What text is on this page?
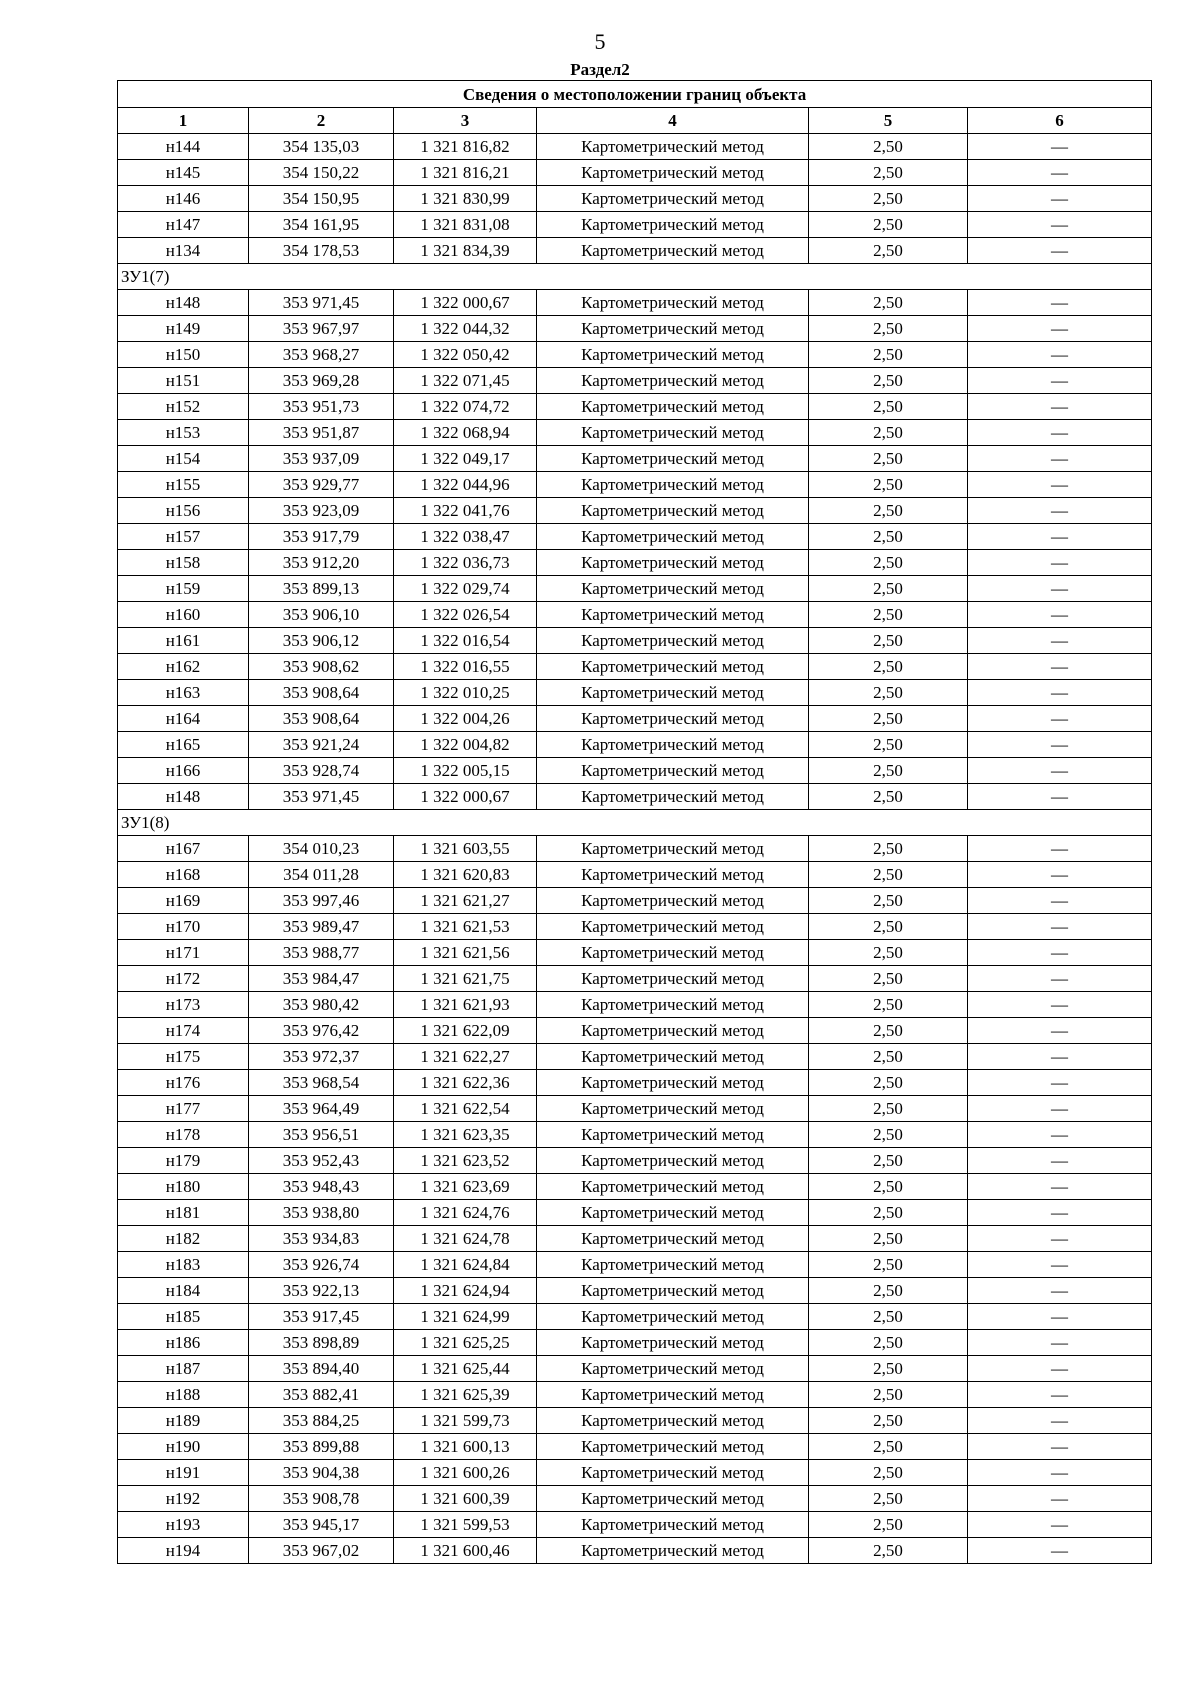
5
Раздел2
Сведения о местоположении границ объекта					
1	2	3	4	5	6
н144	354 135,03	1 321 816,82	Картометрический метод	2,50	—
н145	354 150,22	1 321 816,21	Картометрический метод	2,50	—
н146	354 150,95	1 321 830,99	Картометрический метод	2,50	—
н147	354 161,95	1 321 831,08	Картометрический метод	2,50	—
н134	354 178,53	1 321 834,39	Картометрический метод	2,50	—
ЗУ1(7)					
н148	353 971,45	1 322 000,67	Картометрический метод	2,50	—
н149	353 967,97	1 322 044,32	Картометрический метод	2,50	—
н150	353 968,27	1 322 050,42	Картометрический метод	2,50	—
н151	353 969,28	1 322 071,45	Картометрический метод	2,50	—
н152	353 951,73	1 322 074,72	Картометрический метод	2,50	—
н153	353 951,87	1 322 068,94	Картометрический метод	2,50	—
н154	353 937,09	1 322 049,17	Картометрический метод	2,50	—
н155	353 929,77	1 322 044,96	Картометрический метод	2,50	—
н156	353 923,09	1 322 041,76	Картометрический метод	2,50	—
н157	353 917,79	1 322 038,47	Картометрический метод	2,50	—
н158	353 912,20	1 322 036,73	Картометрический метод	2,50	—
н159	353 899,13	1 322 029,74	Картометрический метод	2,50	—
н160	353 906,10	1 322 026,54	Картометрический метод	2,50	—
н161	353 906,12	1 322 016,54	Картометрический метод	2,50	—
н162	353 908,62	1 322 016,55	Картометрический метод	2,50	—
н163	353 908,64	1 322 010,25	Картометрический метод	2,50	—
н164	353 908,64	1 322 004,26	Картометрический метод	2,50	—
н165	353 921,24	1 322 004,82	Картометрический метод	2,50	—
н166	353 928,74	1 322 005,15	Картометрический метод	2,50	—
н148	353 971,45	1 322 000,67	Картометрический метод	2,50	—
ЗУ1(8)					
н167	354 010,23	1 321 603,55	Картометрический метод	2,50	—
н168	354 011,28	1 321 620,83	Картометрический метод	2,50	—
н169	353 997,46	1 321 621,27	Картометрический метод	2,50	—
н170	353 989,47	1 321 621,53	Картометрический метод	2,50	—
н171	353 988,77	1 321 621,56	Картометрический метод	2,50	—
н172	353 984,47	1 321 621,75	Картометрический метод	2,50	—
н173	353 980,42	1 321 621,93	Картометрический метод	2,50	—
н174	353 976,42	1 321 622,09	Картометрический метод	2,50	—
н175	353 972,37	1 321 622,27	Картометрический метод	2,50	—
н176	353 968,54	1 321 622,36	Картометрический метод	2,50	—
н177	353 964,49	1 321 622,54	Картометрический метод	2,50	—
н178	353 956,51	1 321 623,35	Картометрический метод	2,50	—
н179	353 952,43	1 321 623,52	Картометрический метод	2,50	—
н180	353 948,43	1 321 623,69	Картометрический метод	2,50	—
н181	353 938,80	1 321 624,76	Картометрический метод	2,50	—
н182	353 934,83	1 321 624,78	Картометрический метод	2,50	—
н183	353 926,74	1 321 624,84	Картометрический метод	2,50	—
н184	353 922,13	1 321 624,94	Картометрический метод	2,50	—
н185	353 917,45	1 321 624,99	Картометрический метод	2,50	—
н186	353 898,89	1 321 625,25	Картометрический метод	2,50	—
н187	353 894,40	1 321 625,44	Картометрический метод	2,50	—
н188	353 882,41	1 321 625,39	Картометрический метод	2,50	—
н189	353 884,25	1 321 599,73	Картометрический метод	2,50	—
н190	353 899,88	1 321 600,13	Картометрический метод	2,50	—
н191	353 904,38	1 321 600,26	Картометрический метод	2,50	—
н192	353 908,78	1 321 600,39	Картометрический метод	2,50	—
н193	353 945,17	1 321 599,53	Картометрический метод	2,50	—
н194	353 967,02	1 321 600,46	Картометрический метод	2,50	—
